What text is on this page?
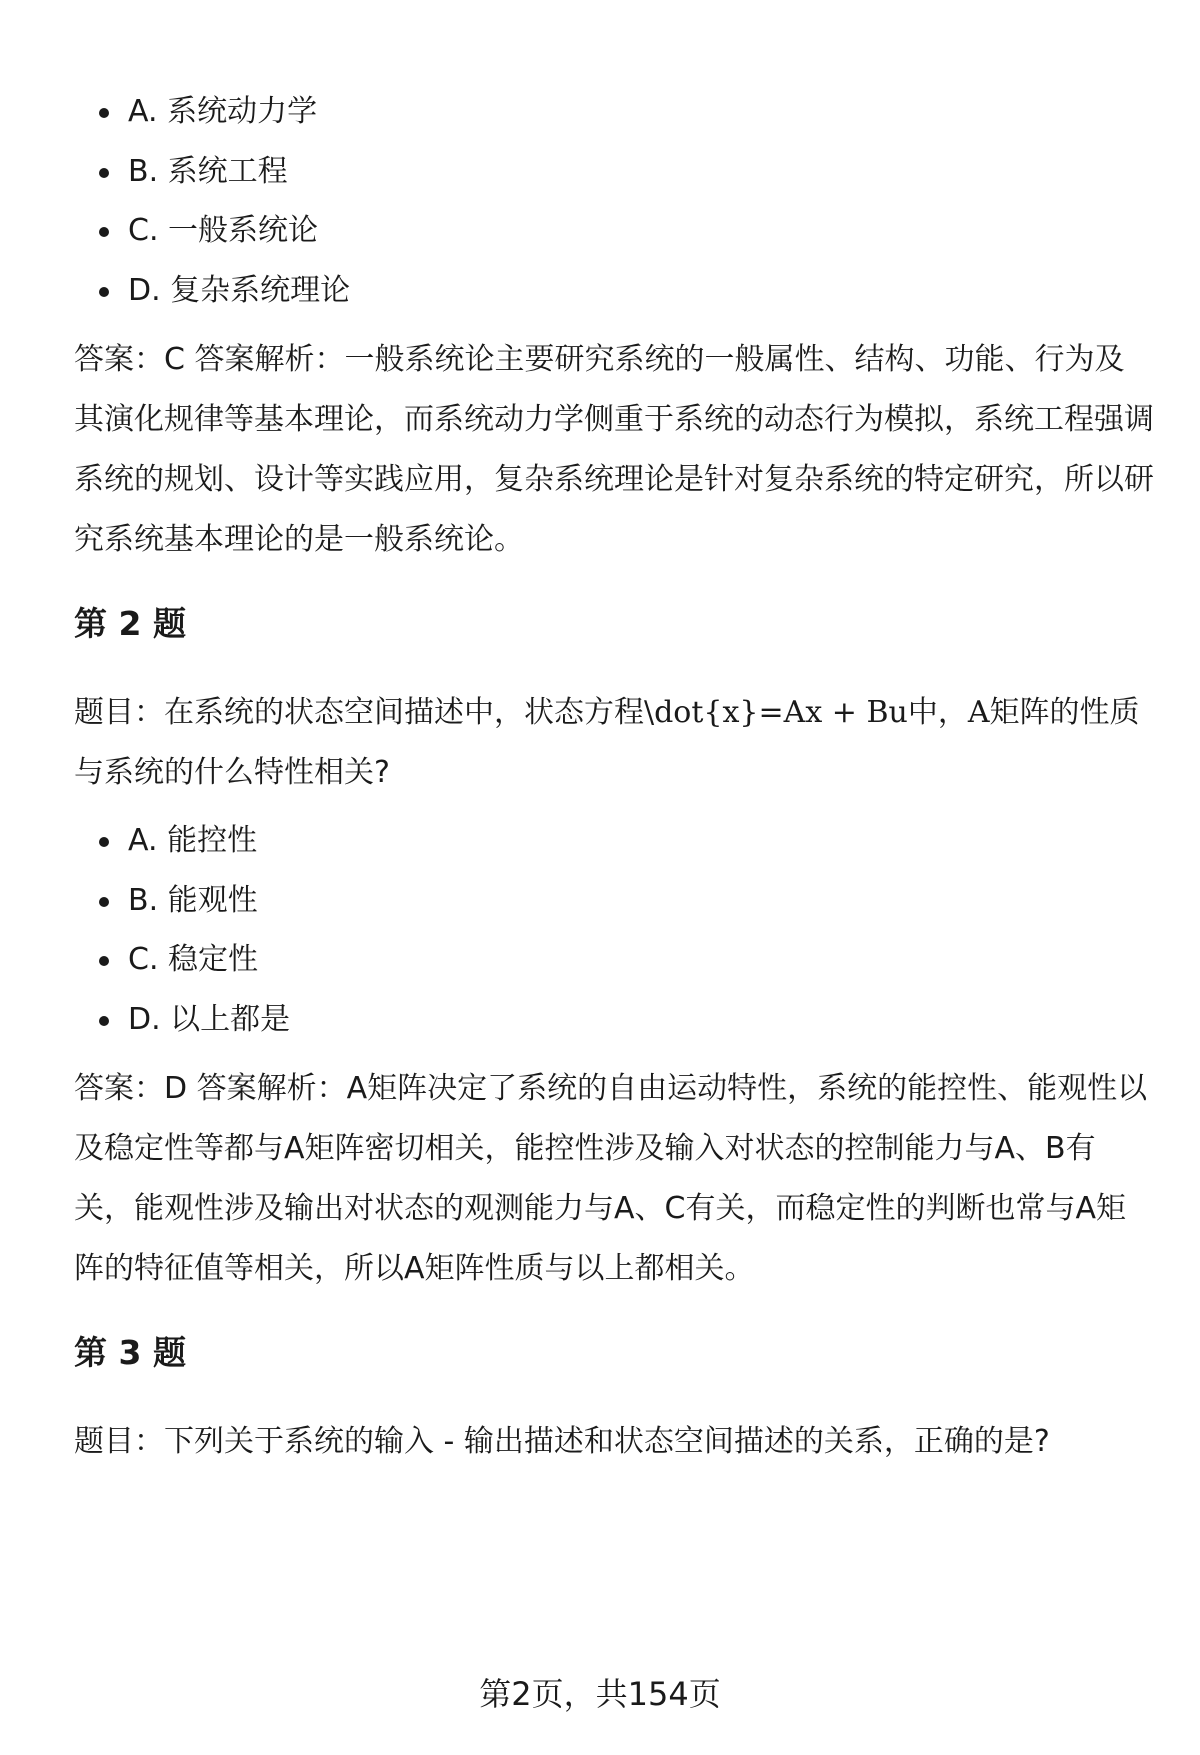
A. 系统动力学
B. 系统工程
C. 一般系统论
D. 复杂系统理论

答案：C 答案解析：一般系统论主要研究系统的一般属性、结构、功能、行为及其演化规律等基本理论，而系统动力学侧重于系统的动态行为模拟，系统工程强调系统的规划、设计等实践应用，复杂系统理论是针对复杂系统的特定研究，所以研究系统基本理论的是一般系统论。

第 2 题

题目：在系统的状态空间描述中，状态方程\dot{x}=Ax + Bu中，A矩阵的性质与系统的什么特性相关?

A. 能控性
B. 能观性
C. 稳定性
D. 以上都是

答案：D 答案解析：A矩阵决定了系统的自由运动特性，系统的能控性、能观性以及稳定性等都与A矩阵密切相关，能控性涉及输入对状态的控制能力与A、B有关，能观性涉及输出对状态的观测能力与A、C有关，而稳定性的判断也常与A矩阵的特征值等相关，所以A矩阵性质与以上都相关。

第 3 题

题目：下列关于系统的输入 - 输出描述和状态空间描述的关系，正确的是?

第2页，共154页
